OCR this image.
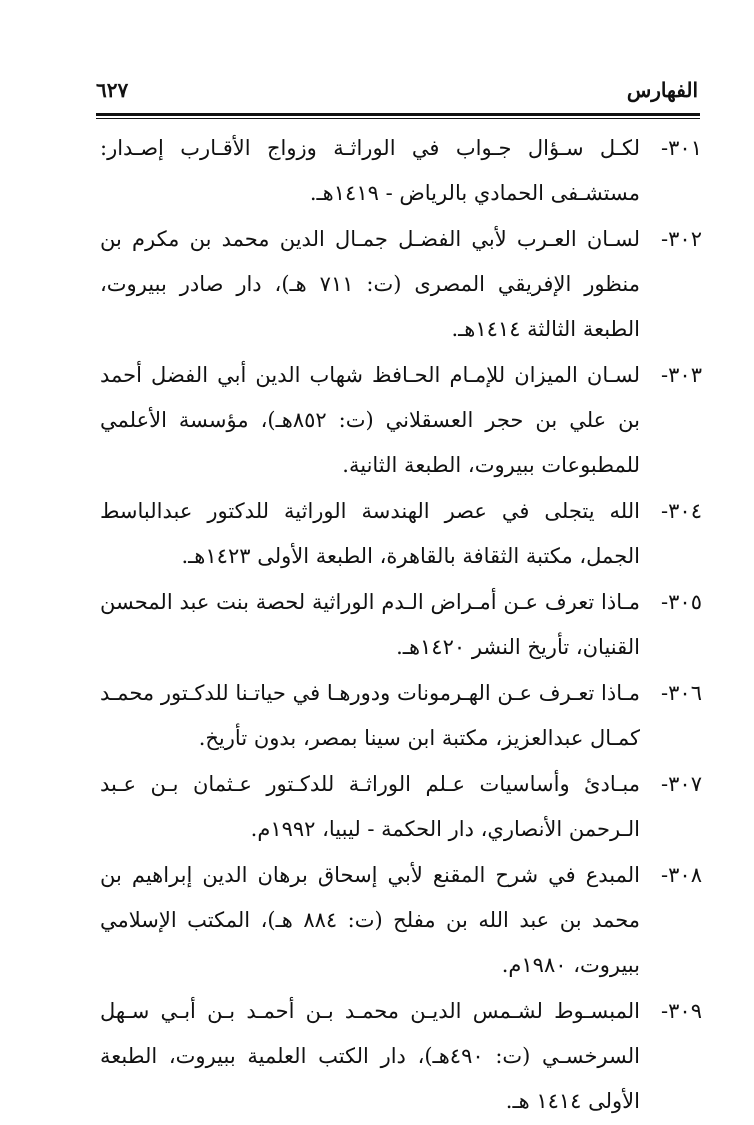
الفهارس
٦٢٧
٣٠١-لكـل سـؤال جـواب في الوراثـة وزواج الأقـارب إصـدار: مستشـفى الحمادي بالرياض - ١٤١٩هـ.
٣٠٢-لسـان العـرب لأبي الفضـل جمـال الدين محمد بن مكرم بن منظور الإفريقي المصرى (ت: ٧١١ هـ)، دار صادر ببيروت، الطبعة الثالثة ١٤١٤هـ.
٣٠٣-لسـان الميزان للإمـام الحـافظ شهاب الدين أبي الفضل أحمد بن علي بن حجر العسقلاني (ت: ٨٥٢هـ)، مؤسسة الأعلمي للمطبوعات ببيروت، الطبعة الثانية.
٣٠٤-الله يتجلى في عصر الهندسة الوراثية للدكتور عبدالباسط الجمل، مكتبة الثقافة بالقاهرة، الطبعة الأولى ١٤٢٣هـ.
٣٠٥-مـاذا تعرف عـن أمـراض الـدم الوراثية لحصة بنت عبد المحسن القنيان، تأريخ النشر ١٤٢٠هـ.
٣٠٦-مـاذا تعـرف عـن الهـرمونات ودورهـا في حياتـنا للدكـتور محمـد كمـال عبدالعزيز، مكتبة ابن سينا بمصر، بدون تأريخ.
٣٠٧-مبـادئ وأساسيات عـلم الوراثـة للدكـتور عـثمان بـن عـبد الـرحمن الأنصاري، دار الحكمة - ليبيا، ١٩٩٢م.
٣٠٨-المبدع في شرح المقنع لأبي إسحاق برهان الدين إبراهيم بن محمد بن عبد الله بن مفلح (ت: ٨٨٤ هـ)، المكتب الإسلامي ببيروت، ١٩٨٠م.
٣٠٩-المبسـوط لشـمس الديـن محمـد بـن أحمـد بـن أبـي سـهل السرخسـي (ت: ٤٩٠هـ)، دار الكتب العلمية ببيروت، الطبعة الأولى ١٤١٤ هـ.
